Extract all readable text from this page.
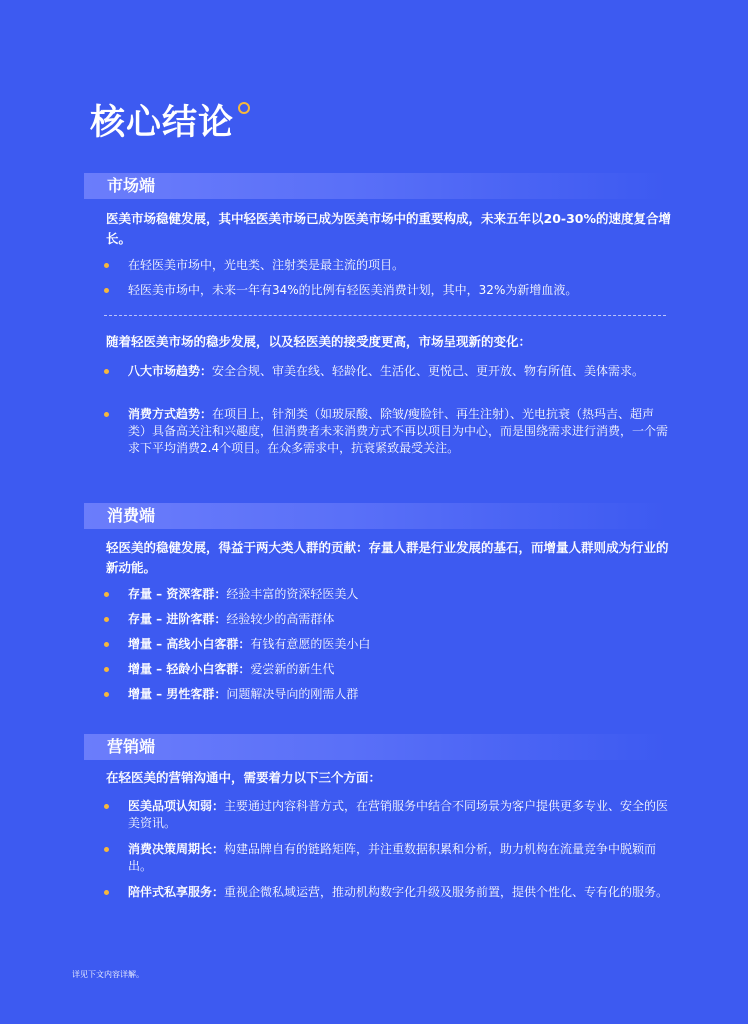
核心结论
市场端
医美市场稳健发展，其中轻医美市场已成为医美市场中的重要构成，未来五年以20-30%的速度复合增长。
在轻医美市场中，光电类、注射类是最主流的项目。
轻医美市场中，未来一年有34%的比例有轻医美消费计划，其中，32%为新增血液。
随着轻医美市场的稳步发展，以及轻医美的接受度更高，市场呈现新的变化：
八大市场趋势：安全合规、审美在线、轻龄化、生活化、更悦己、更开放、物有所值、美体需求。
消费方式趋势：在项目上，针剂类（如玻尿酸、除皱/瘦脸针、再生注射）、光电抗衰（热玛吉、超声类）具备高关注和兴趣度，但消费者未来消费方式不再以项目为中心，而是围绕需求进行消费，一个需求下平均消费2.4个项目。在众多需求中，抗衰紧致最受关注。
消费端
轻医美的稳健发展，得益于两大类人群的贡献：存量人群是行业发展的基石，而增量人群则成为行业的新动能。
存量 – 资深客群：经验丰富的资深轻医美人
存量 – 进阶客群：经验较少的高需群体
增量 – 高线小白客群：有钱有意愿的医美小白
增量 – 轻龄小白客群：爱尝新的新生代
增量 – 男性客群：问题解决导向的刚需人群
营销端
在轻医美的营销沟通中，需要着力以下三个方面：
医美品项认知弱：主要通过内容科普方式，在营销服务中结合不同场景为客户提供更多专业、安全的医美资讯。
消费决策周期长：构建品牌自有的链路矩阵，并注重数据积累和分析，助力机构在流量竞争中脱颖而出。
陪伴式私享服务：重视企微私域运营，推动机构数字化升级及服务前置，提供个性化、专有化的服务。
详见下文内容详解。
